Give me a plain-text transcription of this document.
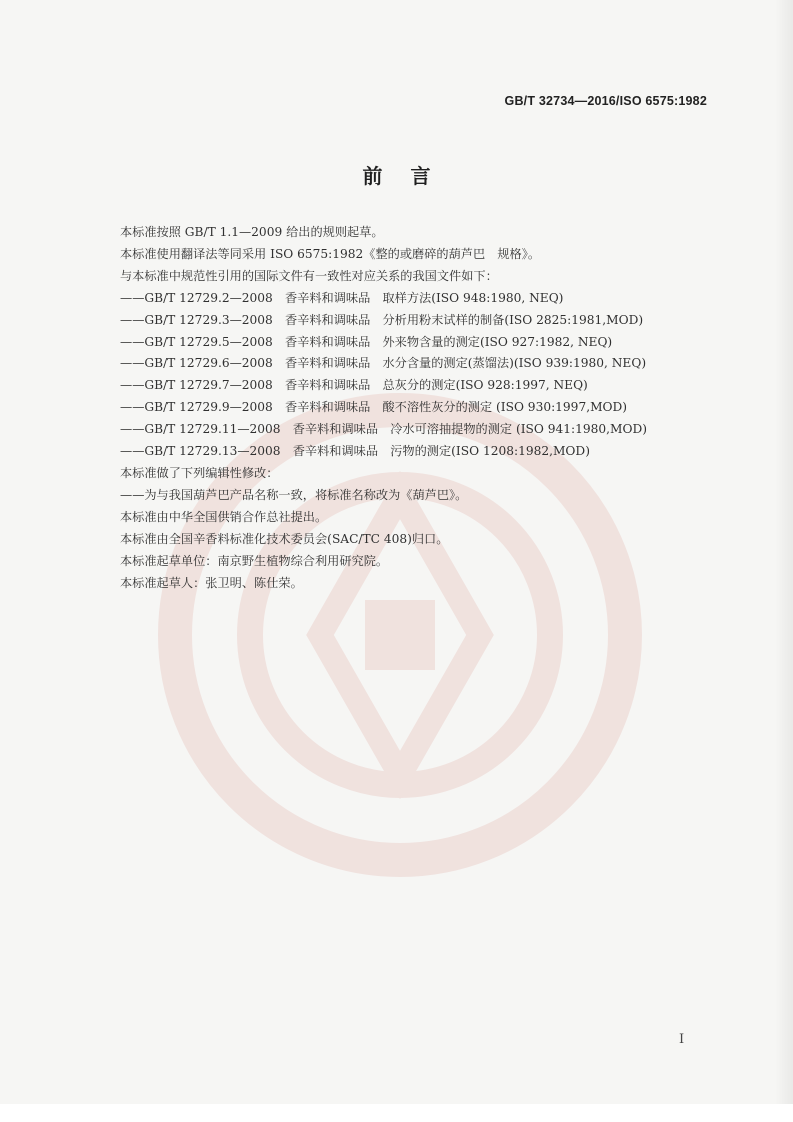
GB/T 32734—2016/ISO 6575:1982
前言

本标准按照 GB/T 1.1—2009 给出的规则起草。

本标准使用翻译法等同采用 ISO 6575:1982《整的或磨碎的葫芦巴　规格》。

与本标准中规范性引用的国际文件有一致性对应关系的我国文件如下：

——GB/T 12729.2—2008　香辛料和调味品　取样方法(ISO 948:1980, NEQ)

——GB/T 12729.3—2008　香辛料和调味品　分析用粉末试样的制备(ISO 2825:1981,MOD)

——GB/T 12729.5—2008　香辛料和调味品　外来物含量的测定(ISO 927:1982, NEQ)

——GB/T 12729.6—2008　香辛料和调味品　水分含量的测定(蒸馏法)(ISO 939:1980, NEQ)

——GB/T 12729.7—2008　香辛料和调味品　总灰分的测定(ISO 928:1997, NEQ)

——GB/T 12729.9—2008　香辛料和调味品　酸不溶性灰分的测定 (ISO 930:1997,MOD)

——GB/T 12729.11—2008　香辛料和调味品　冷水可溶抽提物的测定 (ISO 941:1980,MOD)

——GB/T 12729.13—2008　香辛料和调味品　污物的测定(ISO 1208:1982,MOD)

本标准做了下列编辑性修改：

——为与我国葫芦巴产品名称一致，将标准名称改为《葫芦巴》。

本标准由中华全国供销合作总社提出。

本标准由全国辛香料标准化技术委员会(SAC/TC 408)归口。

本标准起草单位：南京野生植物综合利用研究院。

本标准起草人：张卫明、陈仕荣。

I
